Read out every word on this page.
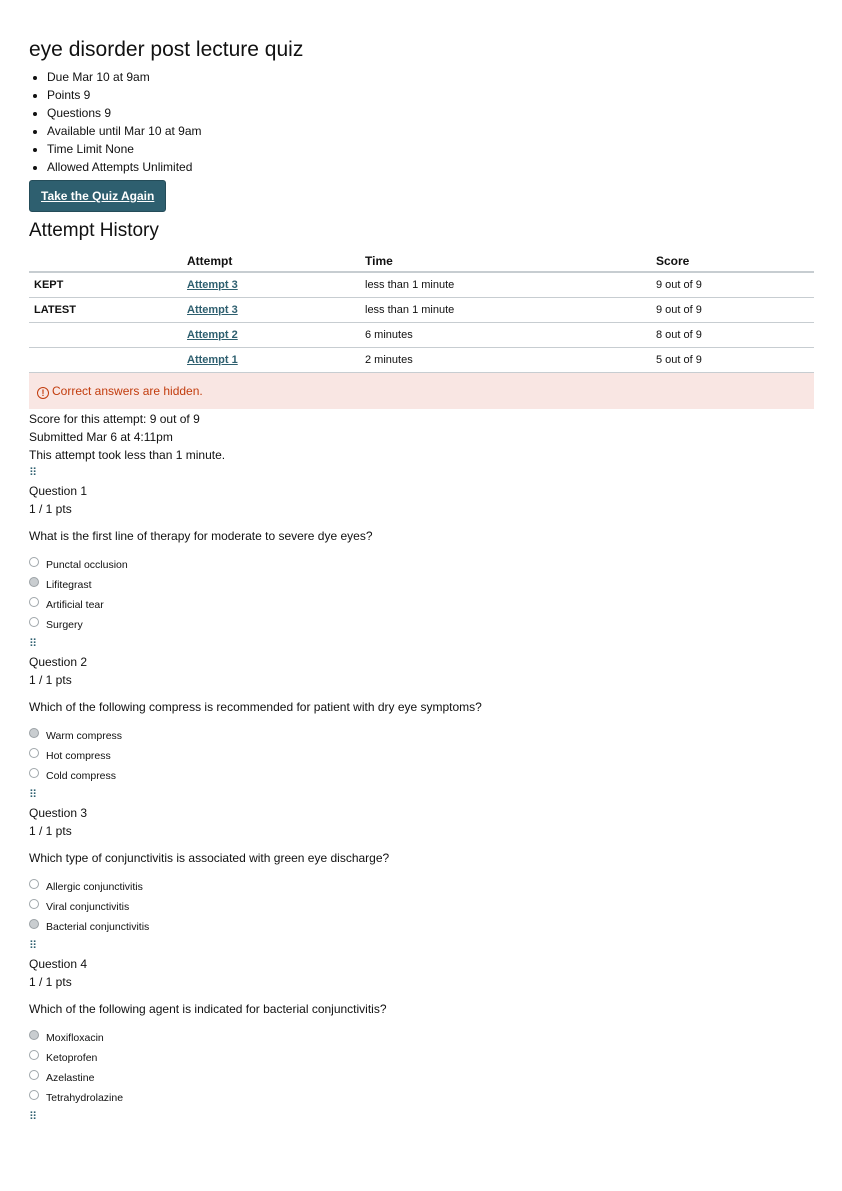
eye disorder post lecture quiz
• Due Mar 10 at 9am
• Points 9
• Questions 9
• Available until Mar 10 at 9am
• Time Limit None
• Allowed Attempts Unlimited
Take the Quiz Again
Attempt History
	Attempt	Time	Score
KEPT	Attempt 3	less than 1 minute	9 out of 9
LATEST	Attempt 3	less than 1 minute	9 out of 9
	Attempt 2	6 minutes	8 out of 9
	Attempt 1	2 minutes	5 out of 9
! Correct answers are hidden.
Score for this attempt: 9 out of 9
Submitted Mar 6 at 4:11pm
This attempt took less than 1 minute.
⠿
Question 1
1 / 1 pts
What is the first line of therapy for moderate to severe dye eyes?
Punctal occlusion
Lifitegrast
Artificial tear
Surgery
⠿
Question 2
1 / 1 pts
Which of the following compress is recommended for patient with dry eye symptoms?
Warm compress
Hot compress
Cold compress
⠿
Question 3
1 / 1 pts
Which type of conjunctivitis is associated with green eye discharge?
Allergic conjunctivitis
Viral conjunctivitis
Bacterial conjunctivitis
⠿
Question 4
1 / 1 pts
Which of the following agent is indicated for bacterial conjunctivitis?
Moxifloxacin
Ketoprofen
Azelastine
Tetrahydrolazine
⠿
